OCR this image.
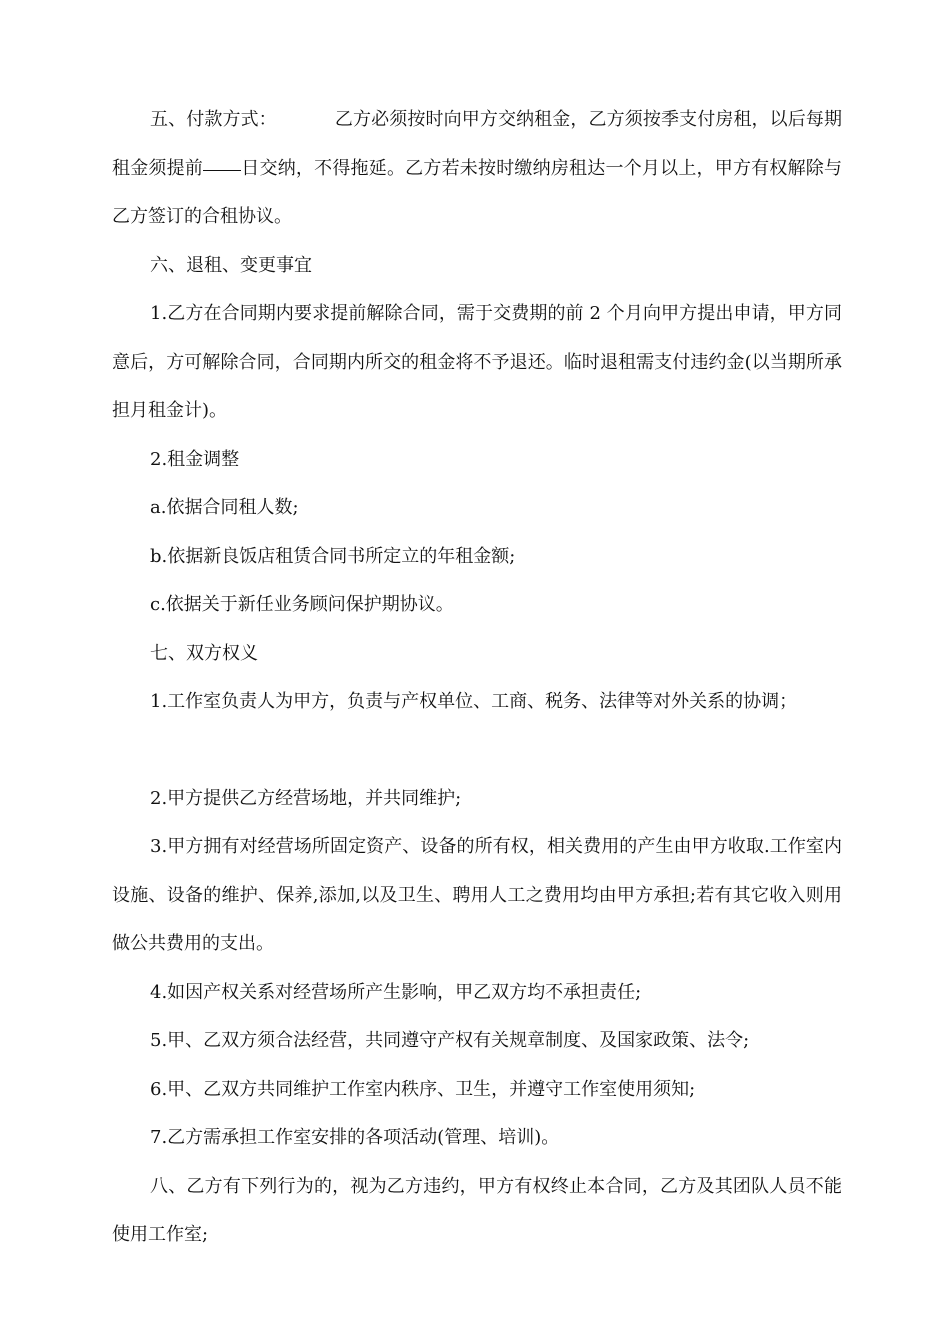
五、付款方式：	乙方必须按时向甲方交纳租金，乙方须按季支付房租，以后每期租金须提前 日交纳，不得拖延。乙方若未按时缴纳房租达一个月以上，甲方有权解除与乙方签订的合租协议。

六、退租、变更事宜

1.乙方在合同期内要求提前解除合同，需于交费期的前 2 个月向甲方提出申请，甲方同意后，方可解除合同，合同期内所交的租金将不予退还。临时退租需支付违约金(以当期所承担月租金计)。

2.租金调整

a.依据合同租人数;

b.依据新良饭店租赁合同书所定立的年租金额;

c.依据关于新任业务顾问保护期协议。

七、双方权义

1.工作室负责人为甲方，负责与产权单位、工商、税务、法律等对外关系的协调；

2.甲方提供乙方经营场地，并共同维护;

3.甲方拥有对经营场所固定资产、设备的所有权，相关费用的产生由甲方收取.工作室内设施、设备的维护、保养,添加,以及卫生、聘用人工之费用均由甲方承担;若有其它收入则用做公共费用的支出。

4.如因产权关系对经营场所产生影响，甲乙双方均不承担责任;

5.甲、乙双方须合法经营，共同遵守产权有关规章制度、及国家政策、法令;

6.甲、乙双方共同维护工作室内秩序、卫生，并遵守工作室使用须知;

7.乙方需承担工作室安排的各项活动(管理、培训)。

八、乙方有下列行为的，视为乙方违约，甲方有权终止本合同，乙方及其团队人员不能使用工作室;
